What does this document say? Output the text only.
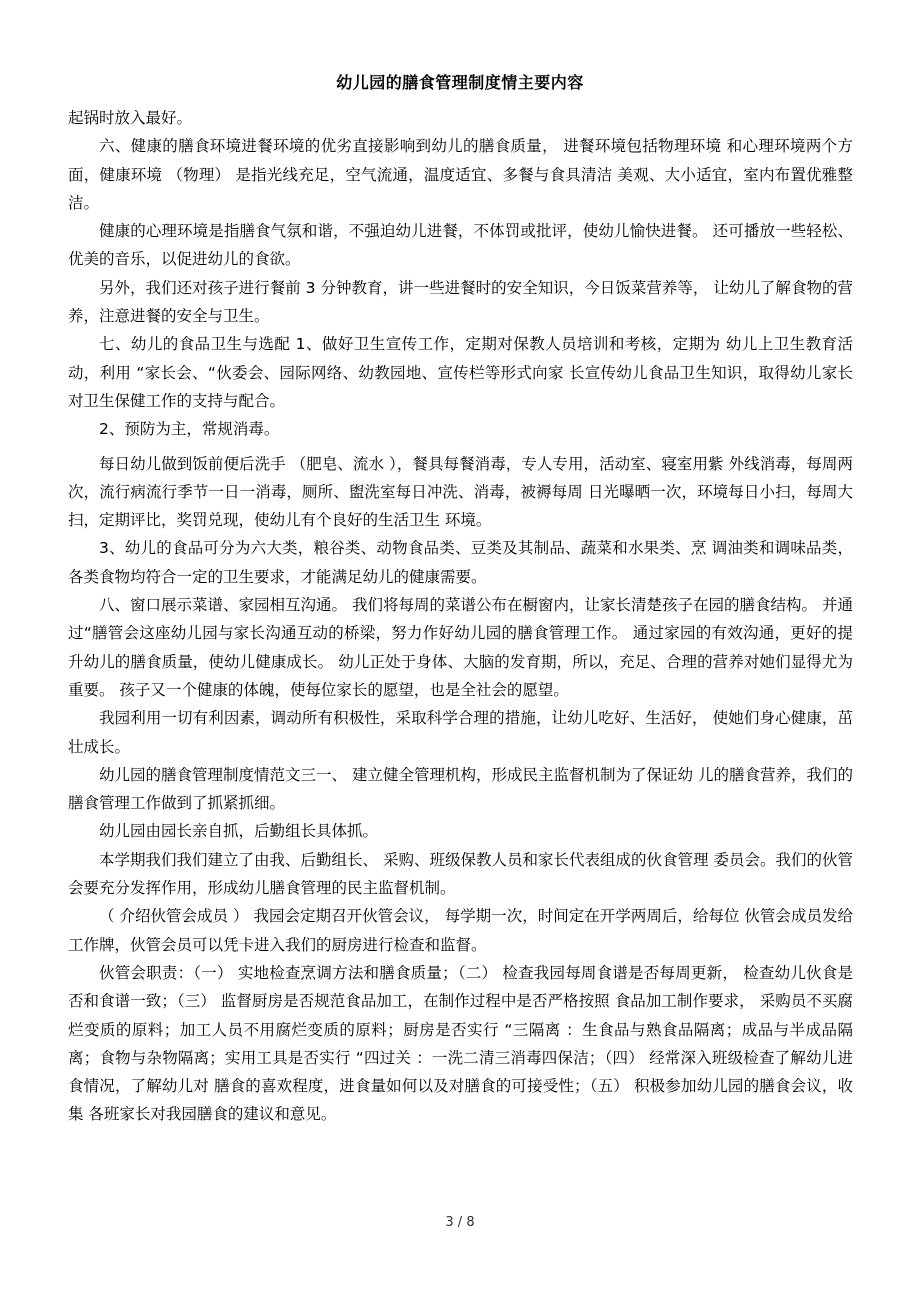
幼儿园的膳食管理制度情主要内容

起锅时放入最好。

六、健康的膳食环境进餐环境的优劣直接影响到幼儿的膳食质量， 进餐环境包括物理环境 和心理环境两个方面，健康环境 （物理） 是指光线充足，空气流通，温度适宜、多餐与食具清洁 美观、大小适宜，室内布置优雅整洁。

健康的心理环境是指膳食气氛和谐，不强迫幼儿进餐，不体罚或批评，使幼儿愉快进餐。 还可播放一些轻松、优美的音乐，以促进幼儿的食欲。

另外，我们还对孩子进行餐前 3 分钟教育，讲一些进餐时的安全知识，今日饭菜营养等， 让幼儿了解食物的营养，注意进餐的安全与卫生。

七、幼儿的食品卫生与选配 1、做好卫生宣传工作，定期对保教人员培训和考核，定期为 幼儿上卫生教育活动，利用 “家长会、“伙委会、园际网络、幼教园地、宣传栏等形式向家 长宣传幼儿食品卫生知识，取得幼儿家长对卫生保健工作的支持与配合。

2、预防为主，常规消毒。

每日幼儿做到饭前便后洗手 （肥皂、流水 ），餐具每餐消毒，专人专用，活动室、寝室用紫 外线消毒，每周两次，流行病流行季节一日一消毒，厕所、盥洗室每日冲洗、消毒，被褥每周 日光曝晒一次，环境每日小扫，每周大扫，定期评比，奖罚兑现，使幼儿有个良好的生活卫生 环境。

3、幼儿的食品可分为六大类，粮谷类、动物食品类、豆类及其制品、蔬菜和水果类、烹 调油类和调味品类，各类食物均符合一定的卫生要求，才能满足幼儿的健康需要。

八、窗口展示菜谱、家园相互沟通。 我们将每周的菜谱公布在橱窗内，让家长清楚孩子在园的膳食结构。 并通过“膳管会这座幼儿园与家长沟通互动的桥梁，努力作好幼儿园的膳食管理工作。 通过家园的有效沟通，更好的提升幼儿的膳食质量，使幼儿健康成长。 幼儿正处于身体、大脑的发育期，所以，充足、合理的营养对她们显得尤为重要。 孩子又一个健康的体魄，使每位家长的愿望，也是全社会的愿望。

我园利用一切有利因素，调动所有积极性，采取科学合理的措施，让幼儿吃好、生活好， 使她们身心健康，茁壮成长。

幼儿园的膳食管理制度情范文三一、 建立健全管理机构，形成民主监督机制为了保证幼 儿的膳食营养，我们的膳食管理工作做到了抓紧抓细。

幼儿园由园长亲自抓，后勤组长具体抓。

本学期我们我们建立了由我、后勤组长、 采购、班级保教人员和家长代表组成的伙食管理 委员会。我们的伙管会要充分发挥作用，形成幼儿膳食管理的民主监督机制。

（ 介绍伙管会成员 ） 我园会定期召开伙管会议， 每学期一次，时间定在开学两周后，给每位 伙管会成员发给工作牌，伙管会员可以凭卡进入我们的厨房进行检查和监督。

伙管会职责：（一） 实地检查烹调方法和膳食质量；（二） 检查我园每周食谱是否每周更新， 检查幼儿伙食是否和食谱一致；（三） 监督厨房是否规范食品加工，在制作过程中是否严格按照 食品加工制作要求， 采购员不买腐烂变质的原料；加工人员不用腐烂变质的原料；厨房是否实行 “三隔离 ：生食品与熟食品隔离；成品与半成品隔离；食物与杂物隔离；实用工具是否实行 “四过关 ：一洗二清三消毒四保洁；（四） 经常深入班级检查了解幼儿进食情况，了解幼儿对 膳食的喜欢程度，进食量如何以及对膳食的可接受性；（五） 积极参加幼儿园的膳食会议，收集 各班家长对我园膳食的建议和意见。

3 / 8
